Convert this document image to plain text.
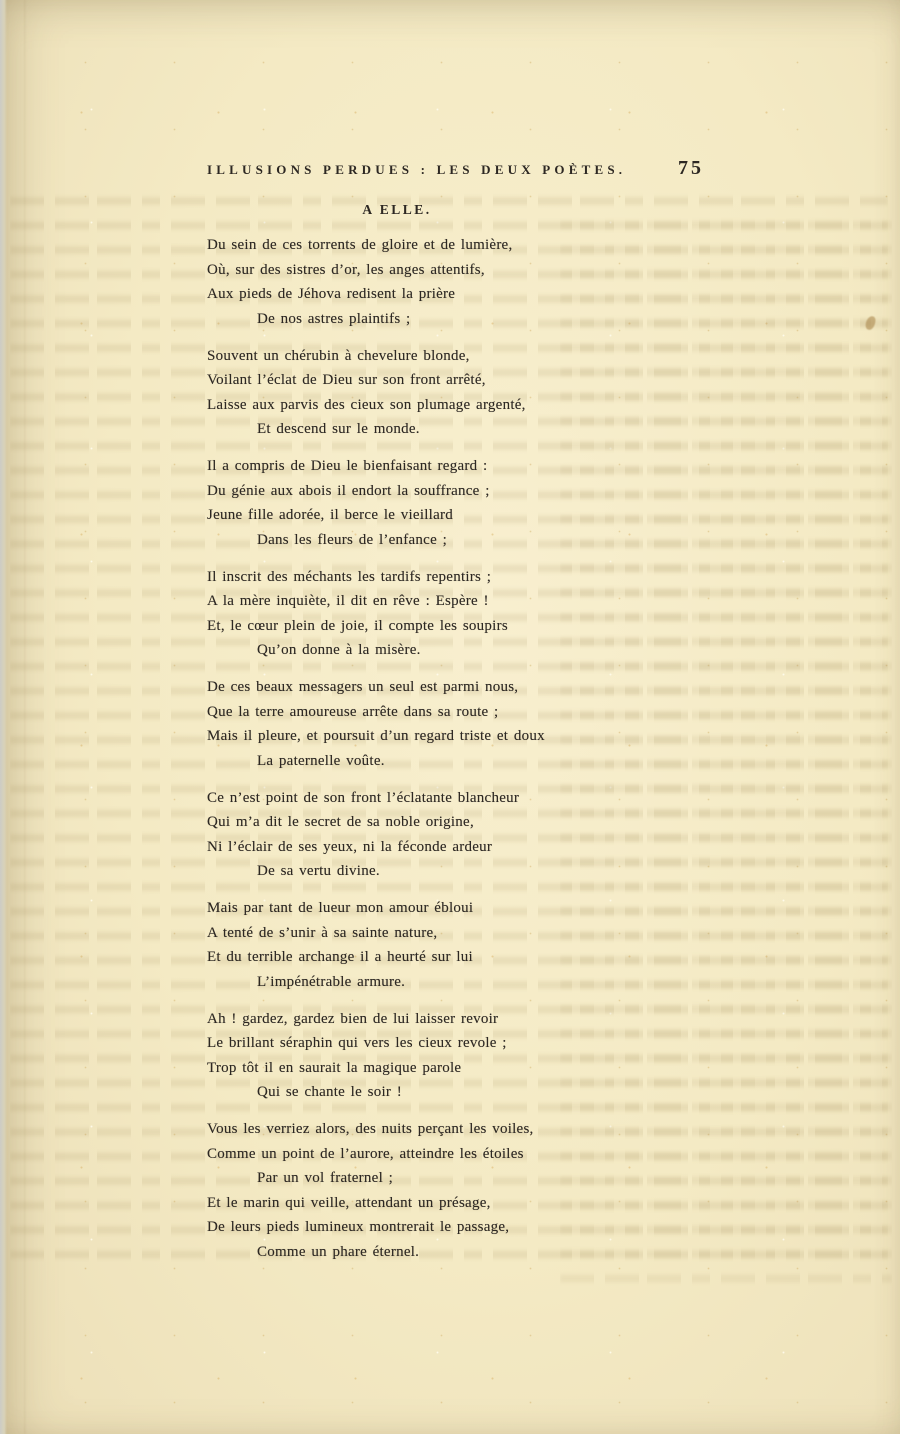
ILLUSIONS PERDUES : LES DEUX POÈTES.	75
A ELLE.
Du sein de ces torrents de gloire et de lumière,
Où, sur des sistres d’or, les anges attentifs,
Aux pieds de Jéhova redisent la prière
De nos astres plaintifs ;
Souvent un chérubin à chevelure blonde,
Voilant l’éclat de Dieu sur son front arrêté,
Laisse aux parvis des cieux son plumage argenté,
Et descend sur le monde.
Il a compris de Dieu le bienfaisant regard :
Du génie aux abois il endort la souffrance ;
Jeune fille adorée, il berce le vieillard
Dans les fleurs de l’enfance ;
Il inscrit des méchants les tardifs repentirs ;
A la mère inquiète, il dit en rêve : Espère !
Et, le cœur plein de joie, il compte les soupirs
Qu’on donne à la misère.
De ces beaux messagers un seul est parmi nous,
Que la terre amoureuse arrête dans sa route ;
Mais il pleure, et poursuit d’un regard triste et doux
La paternelle voûte.
Ce n’est point de son front l’éclatante blancheur
Qui m’a dit le secret de sa noble origine,
Ni l’éclair de ses yeux, ni la féconde ardeur
De sa vertu divine.
Mais par tant de lueur mon amour ébloui
A tenté de s’unir à sa sainte nature,
Et du terrible archange il a heurté sur lui
L’impénétrable armure.
Ah ! gardez, gardez bien de lui laisser revoir
Le brillant séraphin qui vers les cieux revole ;
Trop tôt il en saurait la magique parole
Qui se chante le soir !
Vous les verriez alors, des nuits perçant les voiles,
Comme un point de l’aurore, atteindre les étoiles
Par un vol fraternel ;
Et le marin qui veille, attendant un présage,
De leurs pieds lumineux montrerait le passage,
Comme un phare éternel.
